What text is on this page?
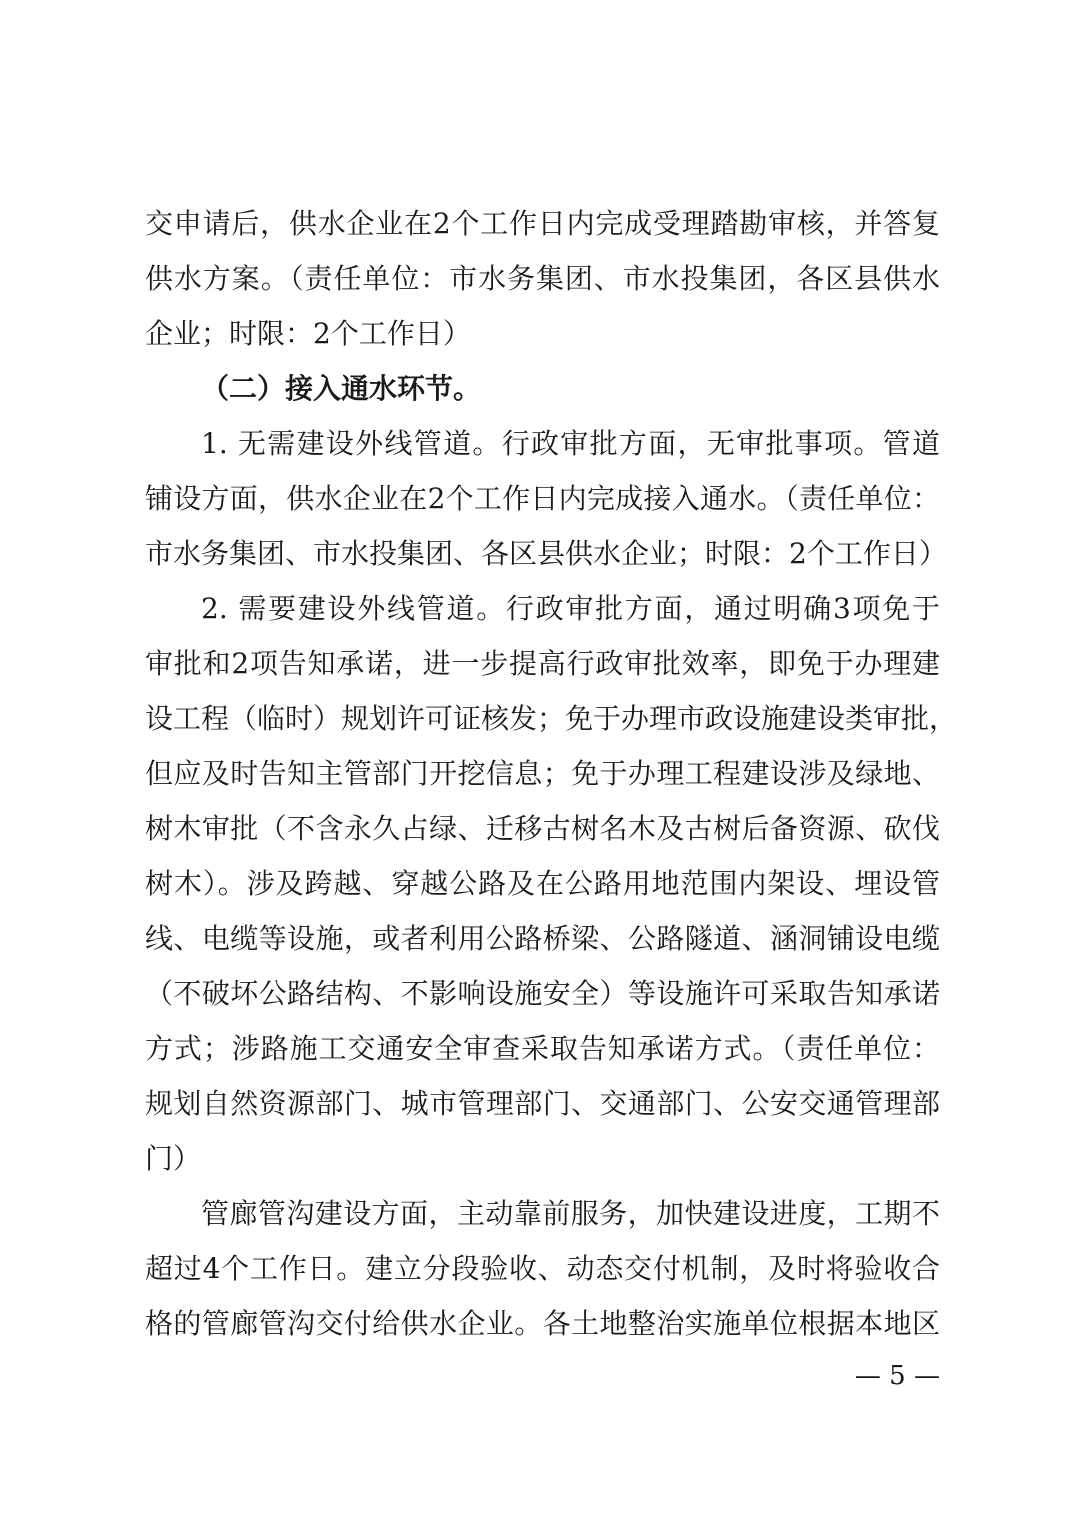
交申请后，供水企业在2个工作日内完成受理踏勘审核，并答复
供水方案。（责任单位：市水务集团、市水投集团，各区县供水
企业；时限：2个工作日）
（二）接入通水环节。
1. 无需建设外线管道。行政审批方面，无审批事项。管道
铺设方面，供水企业在2个工作日内完成接入通水。（责任单位：
市水务集团、市水投集团、各区县供水企业；时限：2个工作日）
2. 需要建设外线管道。行政审批方面，通过明确3项免于
审批和2项告知承诺，进一步提高行政审批效率，即免于办理建
设工程（临时）规划许可证核发；免于办理市政设施建设类审批，
但应及时告知主管部门开挖信息；免于办理工程建设涉及绿地、
树木审批（不含永久占绿、迁移古树名木及古树后备资源、砍伐
树木）。涉及跨越、穿越公路及在公路用地范围内架设、埋设管
线、电缆等设施，或者利用公路桥梁、公路隧道、涵洞铺设电缆
（不破坏公路结构、不影响设施安全）等设施许可采取告知承诺
方式；涉路施工交通安全审查采取告知承诺方式。（责任单位：
规划自然资源部门、城市管理部门、交通部门、公安交通管理部
门）
管廊管沟建设方面，主动靠前服务，加快建设进度，工期不
超过4个工作日。建立分段验收、动态交付机制，及时将验收合
格的管廊管沟交付给供水企业。各土地整治实施单位根据本地区
— 5 —
